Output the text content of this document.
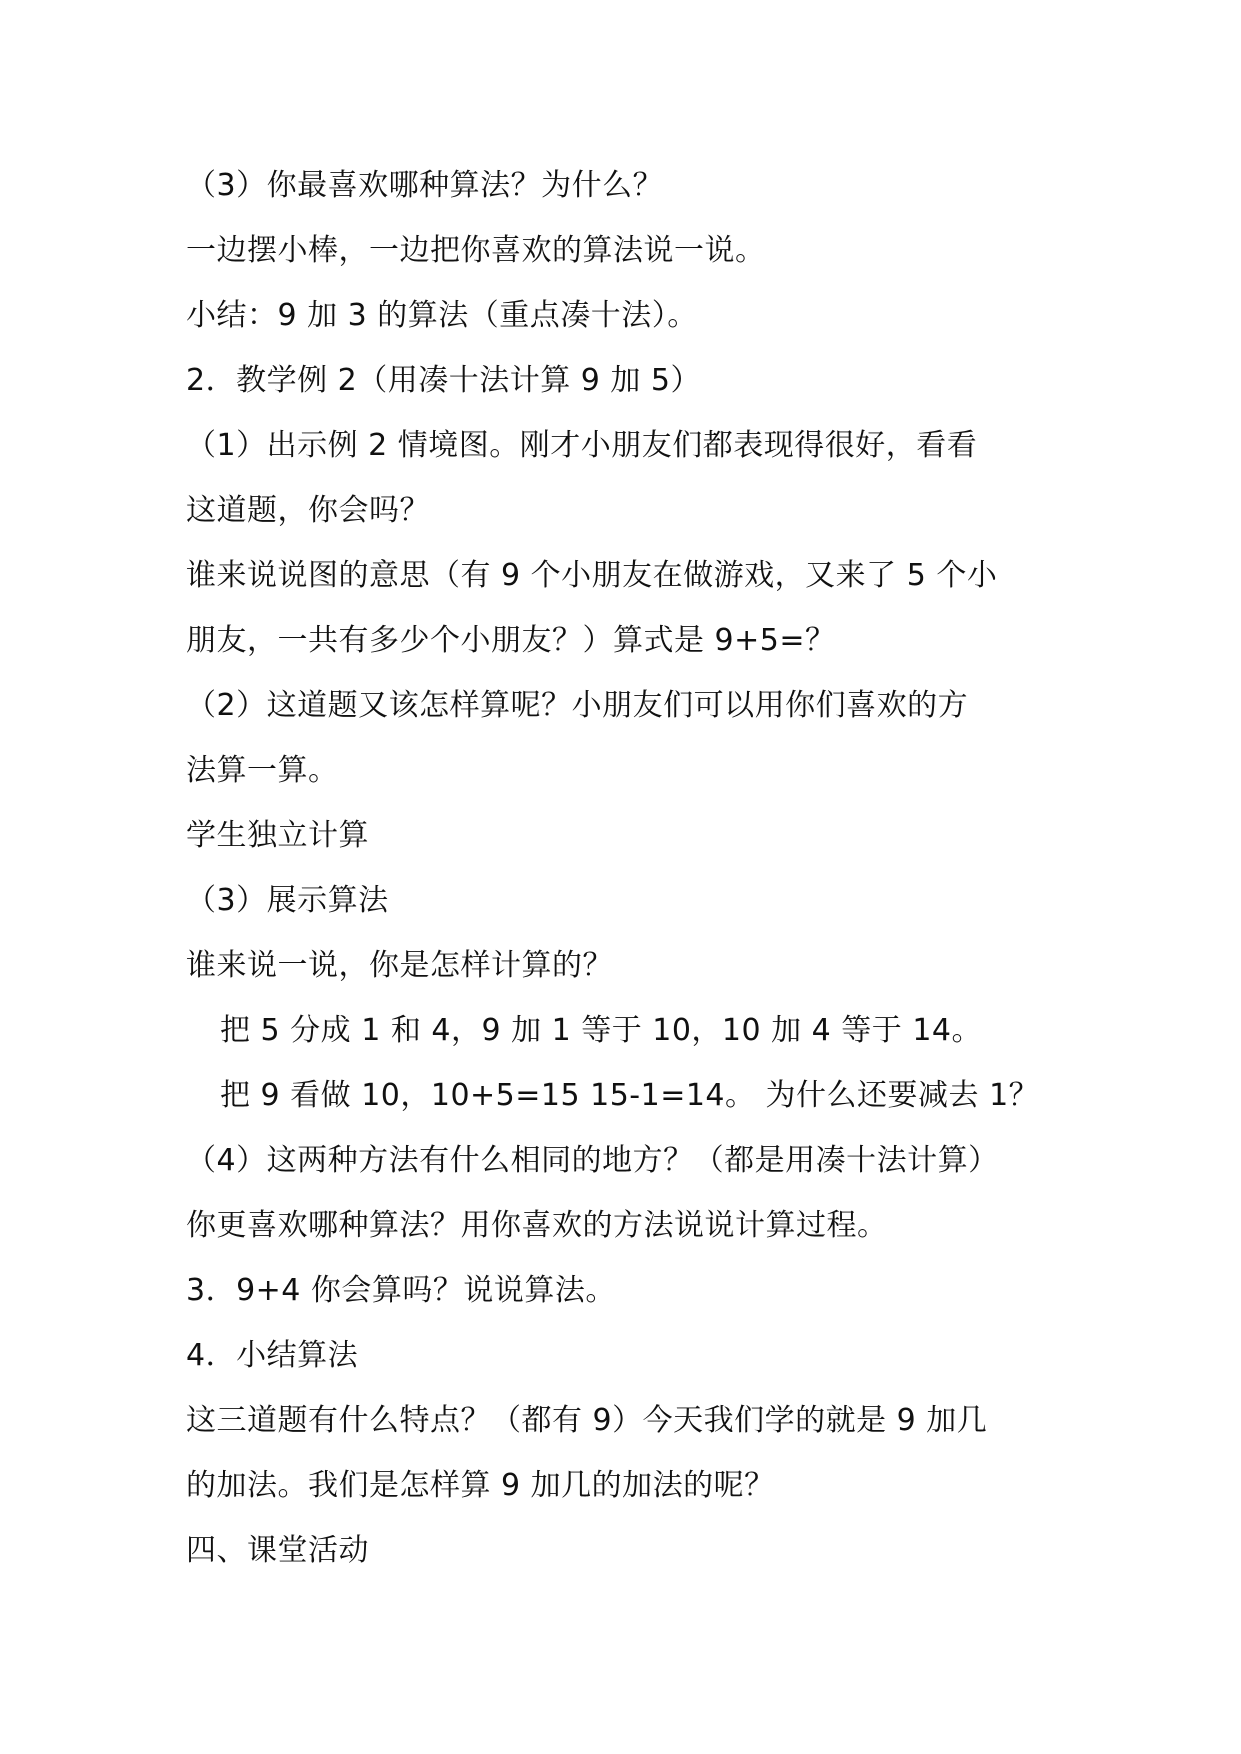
（3）你最喜欢哪种算法？为什么？
一边摆小棒，一边把你喜欢的算法说一说。
小结：9 加 3 的算法（重点凑十法）。
2．教学例 2（用凑十法计算 9 加 5）
（1）出示例 2 情境图。刚才小朋友们都表现得很好，看看
这道题，你会吗？
谁来说说图的意思（有 9 个小朋友在做游戏，又来了 5 个小
朋友，一共有多少个小朋友？）算式是 9+5=？
（2）这道题又该怎样算呢？小朋友们可以用你们喜欢的方
法算一算。
学生独立计算
（3）展示算法
谁来说一说，你是怎样计算的？
把 5 分成 1 和 4，9 加 1 等于 10，10 加 4 等于 14。
把 9 看做 10，10+5=15 15-1=14。 为什么还要减去 1？
（4）这两种方法有什么相同的地方？（都是用凑十法计算）
你更喜欢哪种算法？用你喜欢的方法说说计算过程。
3．9+4 你会算吗？说说算法。
4．小结算法
这三道题有什么特点？（都有 9）今天我们学的就是 9 加几
的加法。我们是怎样算 9 加几的加法的呢？
四、课堂活动
